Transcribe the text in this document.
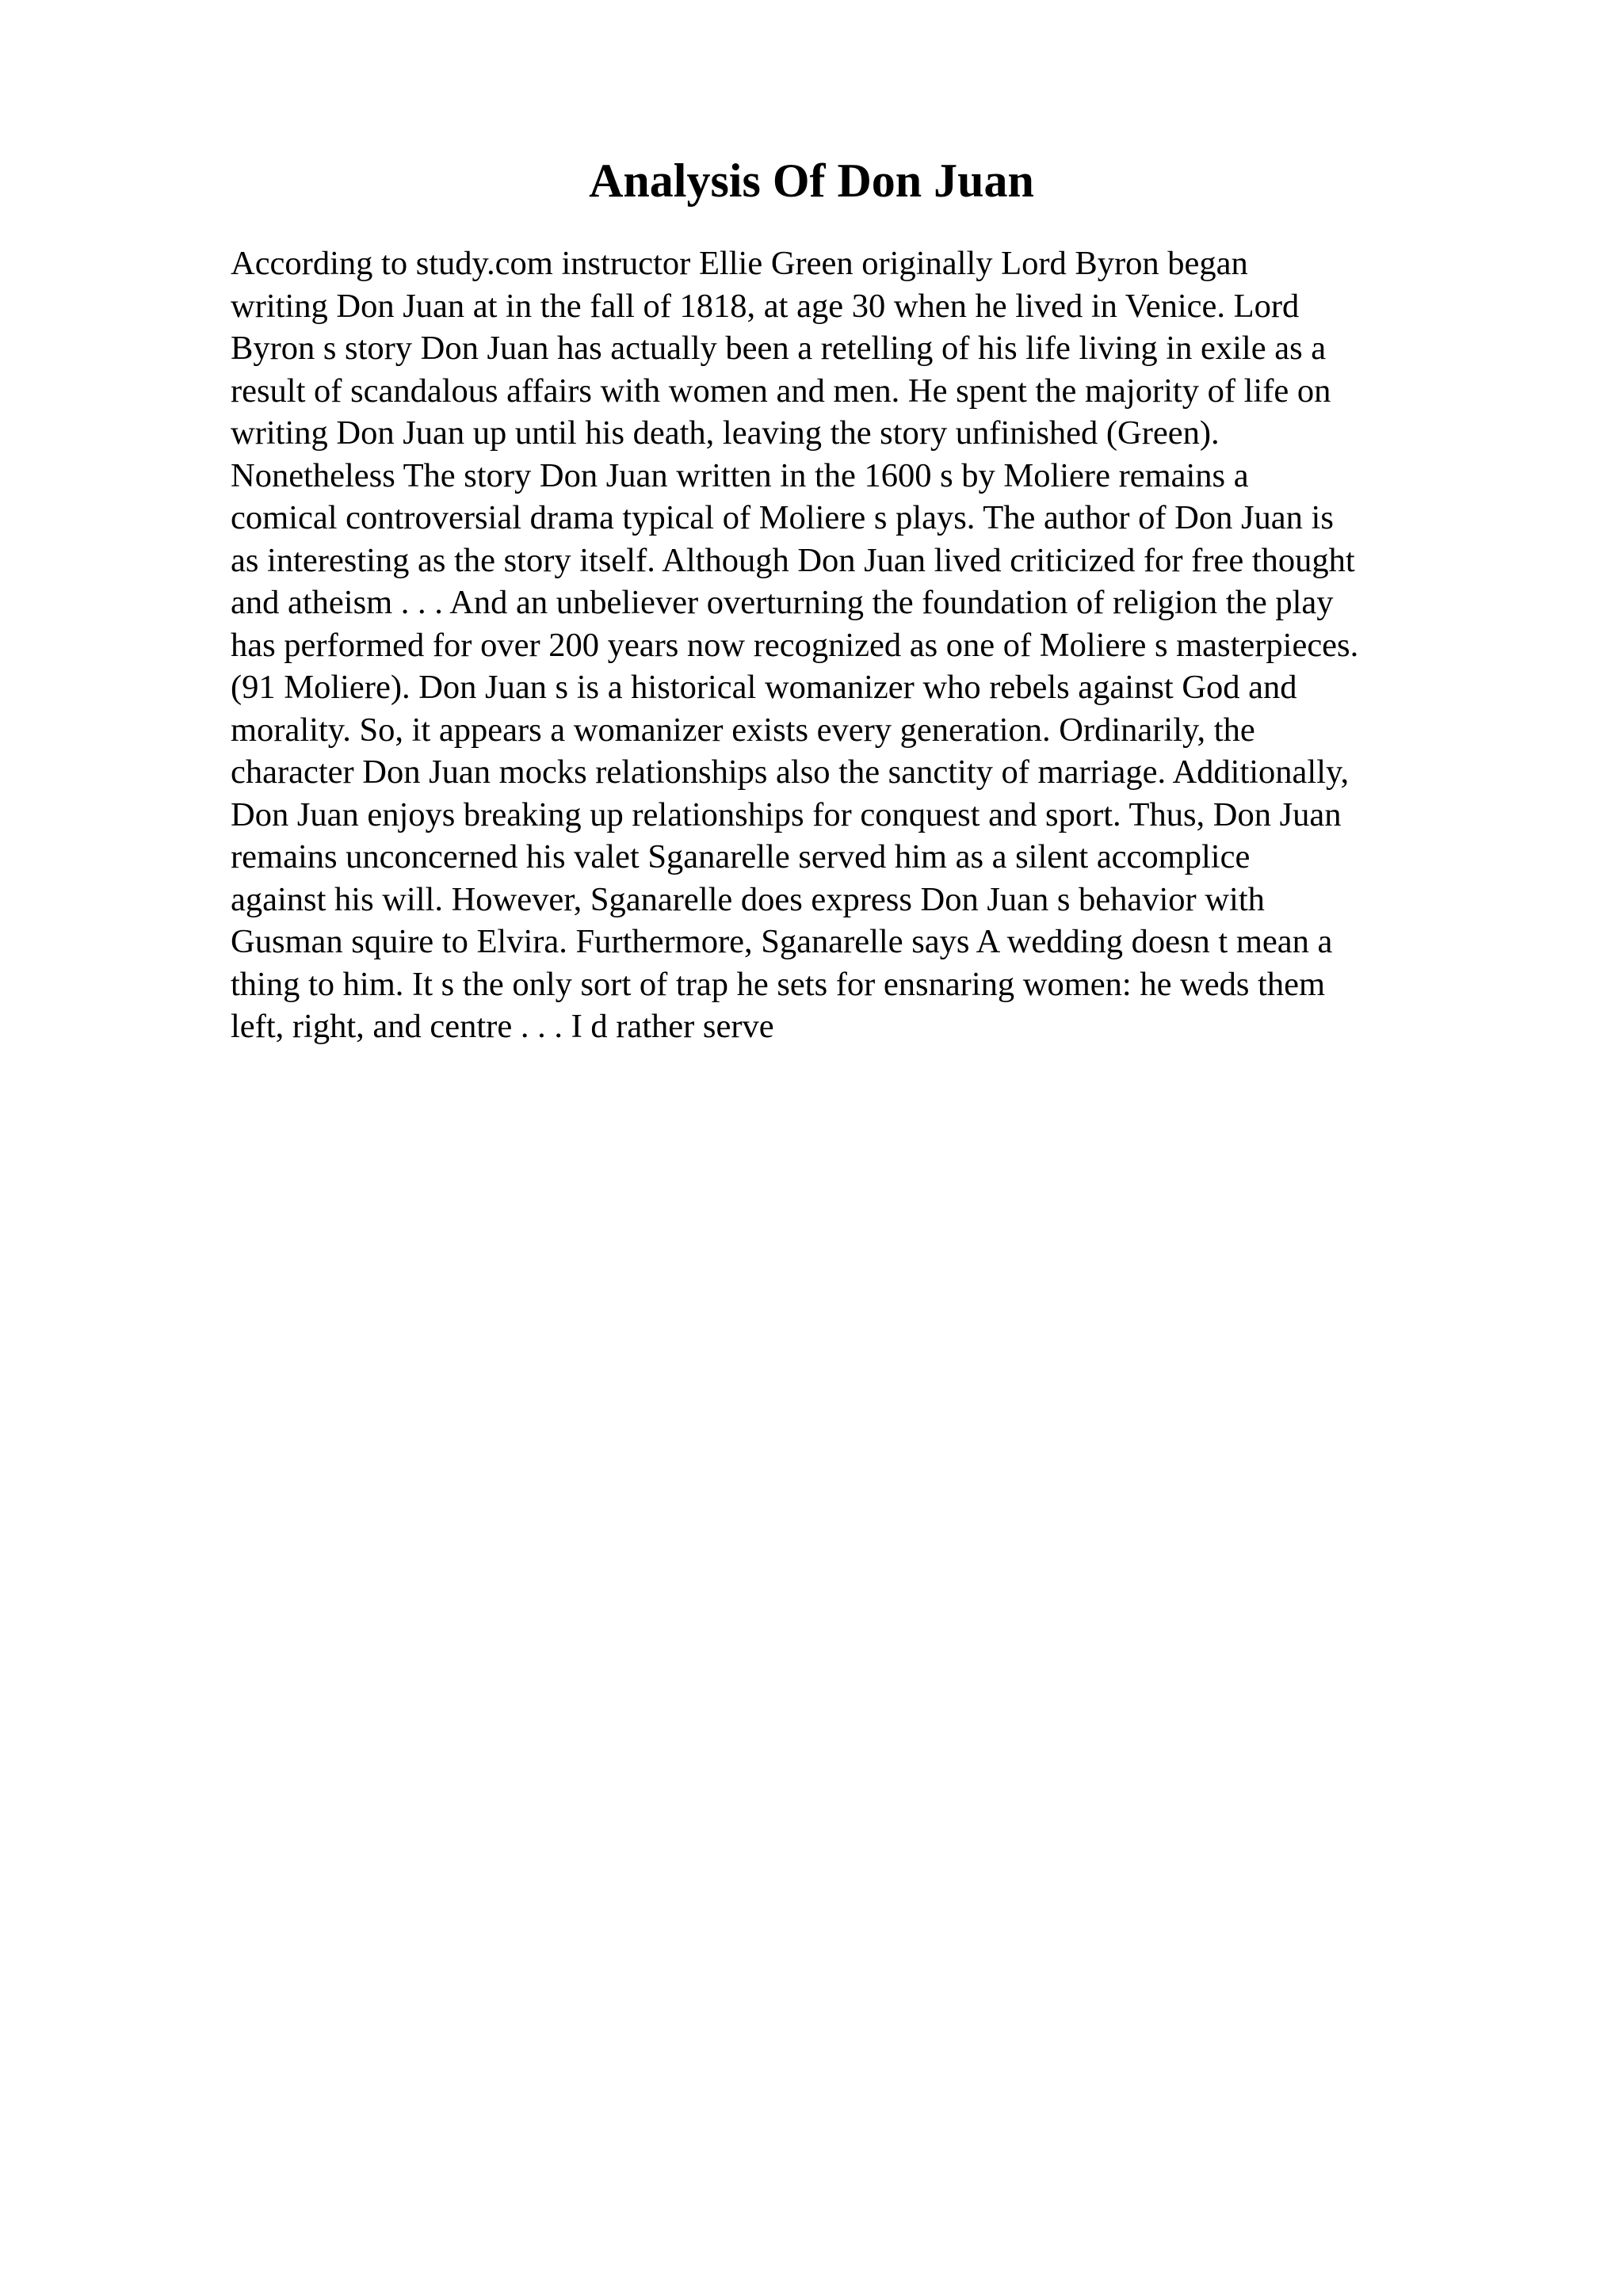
Analysis Of Don Juan
According to study.com instructor Ellie Green originally Lord Byron began
writing Don Juan at in the fall of 1818, at age 30 when he lived in Venice. Lord
Byron s story Don Juan has actually been a retelling of his life living in exile as a
result of scandalous affairs with women and men. He spent the majority of life on
writing Don Juan up until his death, leaving the story unfinished (Green).
Nonetheless The story Don Juan written in the 1600 s by Moliere remains a
comical controversial drama typical of Moliere s plays. The author of Don Juan is
as interesting as the story itself. Although Don Juan lived criticized for free thought
and atheism . . . And an unbeliever overturning the foundation of religion the play
has performed for over 200 years now recognized as one of Moliere s masterpieces.
(91 Moliere). Don Juan s is a historical womanizer who rebels against God and
morality. So, it appears a womanizer exists every generation. Ordinarily, the
character Don Juan mocks relationships also the sanctity of marriage. Additionally,
Don Juan enjoys breaking up relationships for conquest and sport. Thus, Don Juan
remains unconcerned his valet Sganarelle served him as a silent accomplice
against his will. However, Sganarelle does express Don Juan s behavior with
Gusman squire to Elvira. Furthermore, Sganarelle says A wedding doesn t mean a
thing to him. It s the only sort of trap he sets for ensnaring women: he weds them
left, right, and centre . . . I d rather serve
